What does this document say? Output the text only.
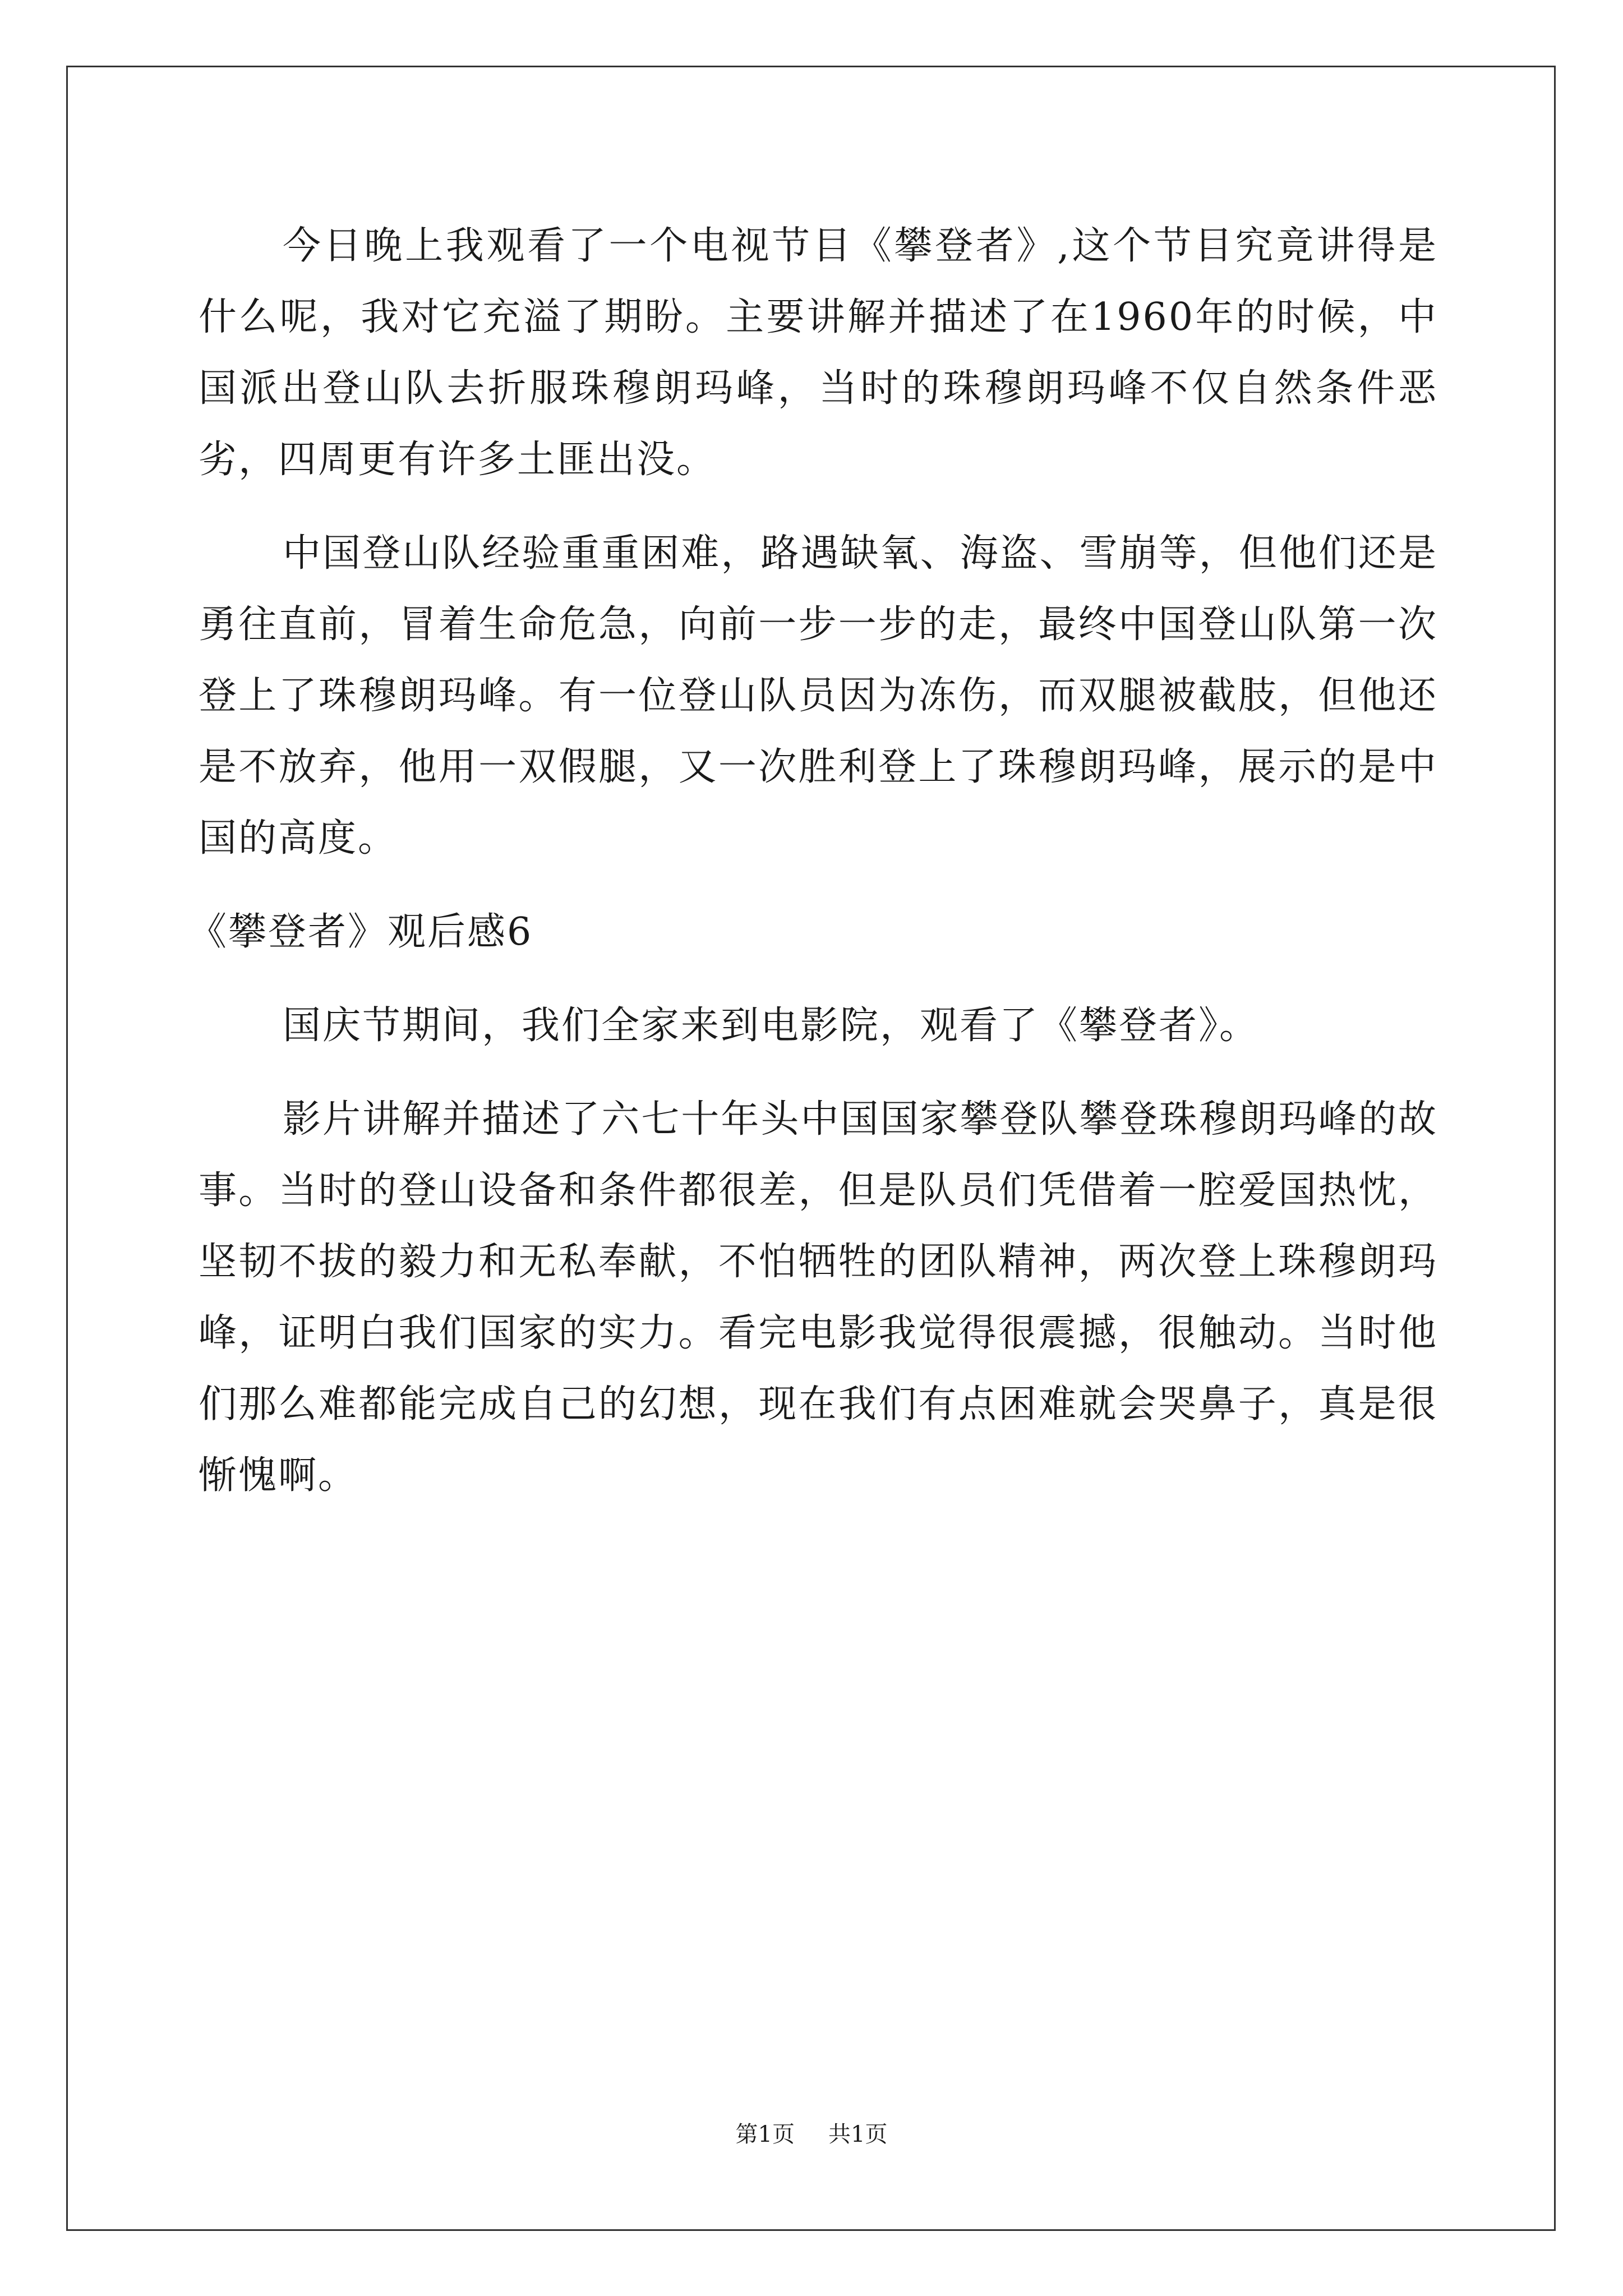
今日晚上我观看了一个电视节目《攀登者》,这个节目究竟讲得是什么呢，我对它充溢了期盼。主要讲解并描述了在1960年的时候，中国派出登山队去折服珠穆朗玛峰，当时的珠穆朗玛峰不仅自然条件恶劣，四周更有许多土匪出没。

中国登山队经验重重困难，路遇缺氧、海盗、雪崩等，但他们还是勇往直前，冒着生命危急，向前一步一步的走，最终中国登山队第一次登上了珠穆朗玛峰。有一位登山队员因为冻伤，而双腿被截肢，但他还是不放弃，他用一双假腿，又一次胜利登上了珠穆朗玛峰，展示的是中国的高度。

《攀登者》观后感6

国庆节期间，我们全家来到电影院，观看了《攀登者》。

影片讲解并描述了六七十年头中国国家攀登队攀登珠穆朗玛峰的故事。当时的登山设备和条件都很差，但是队员们凭借着一腔爱国热忱，坚韧不拔的毅力和无私奉献，不怕牺牲的团队精神，两次登上珠穆朗玛峰，证明白我们国家的实力。看完电影我觉得很震撼，很触动。当时他们那么难都能完成自己的幻想，现在我们有点困难就会哭鼻子，真是很惭愧啊。

第1页 共1页
